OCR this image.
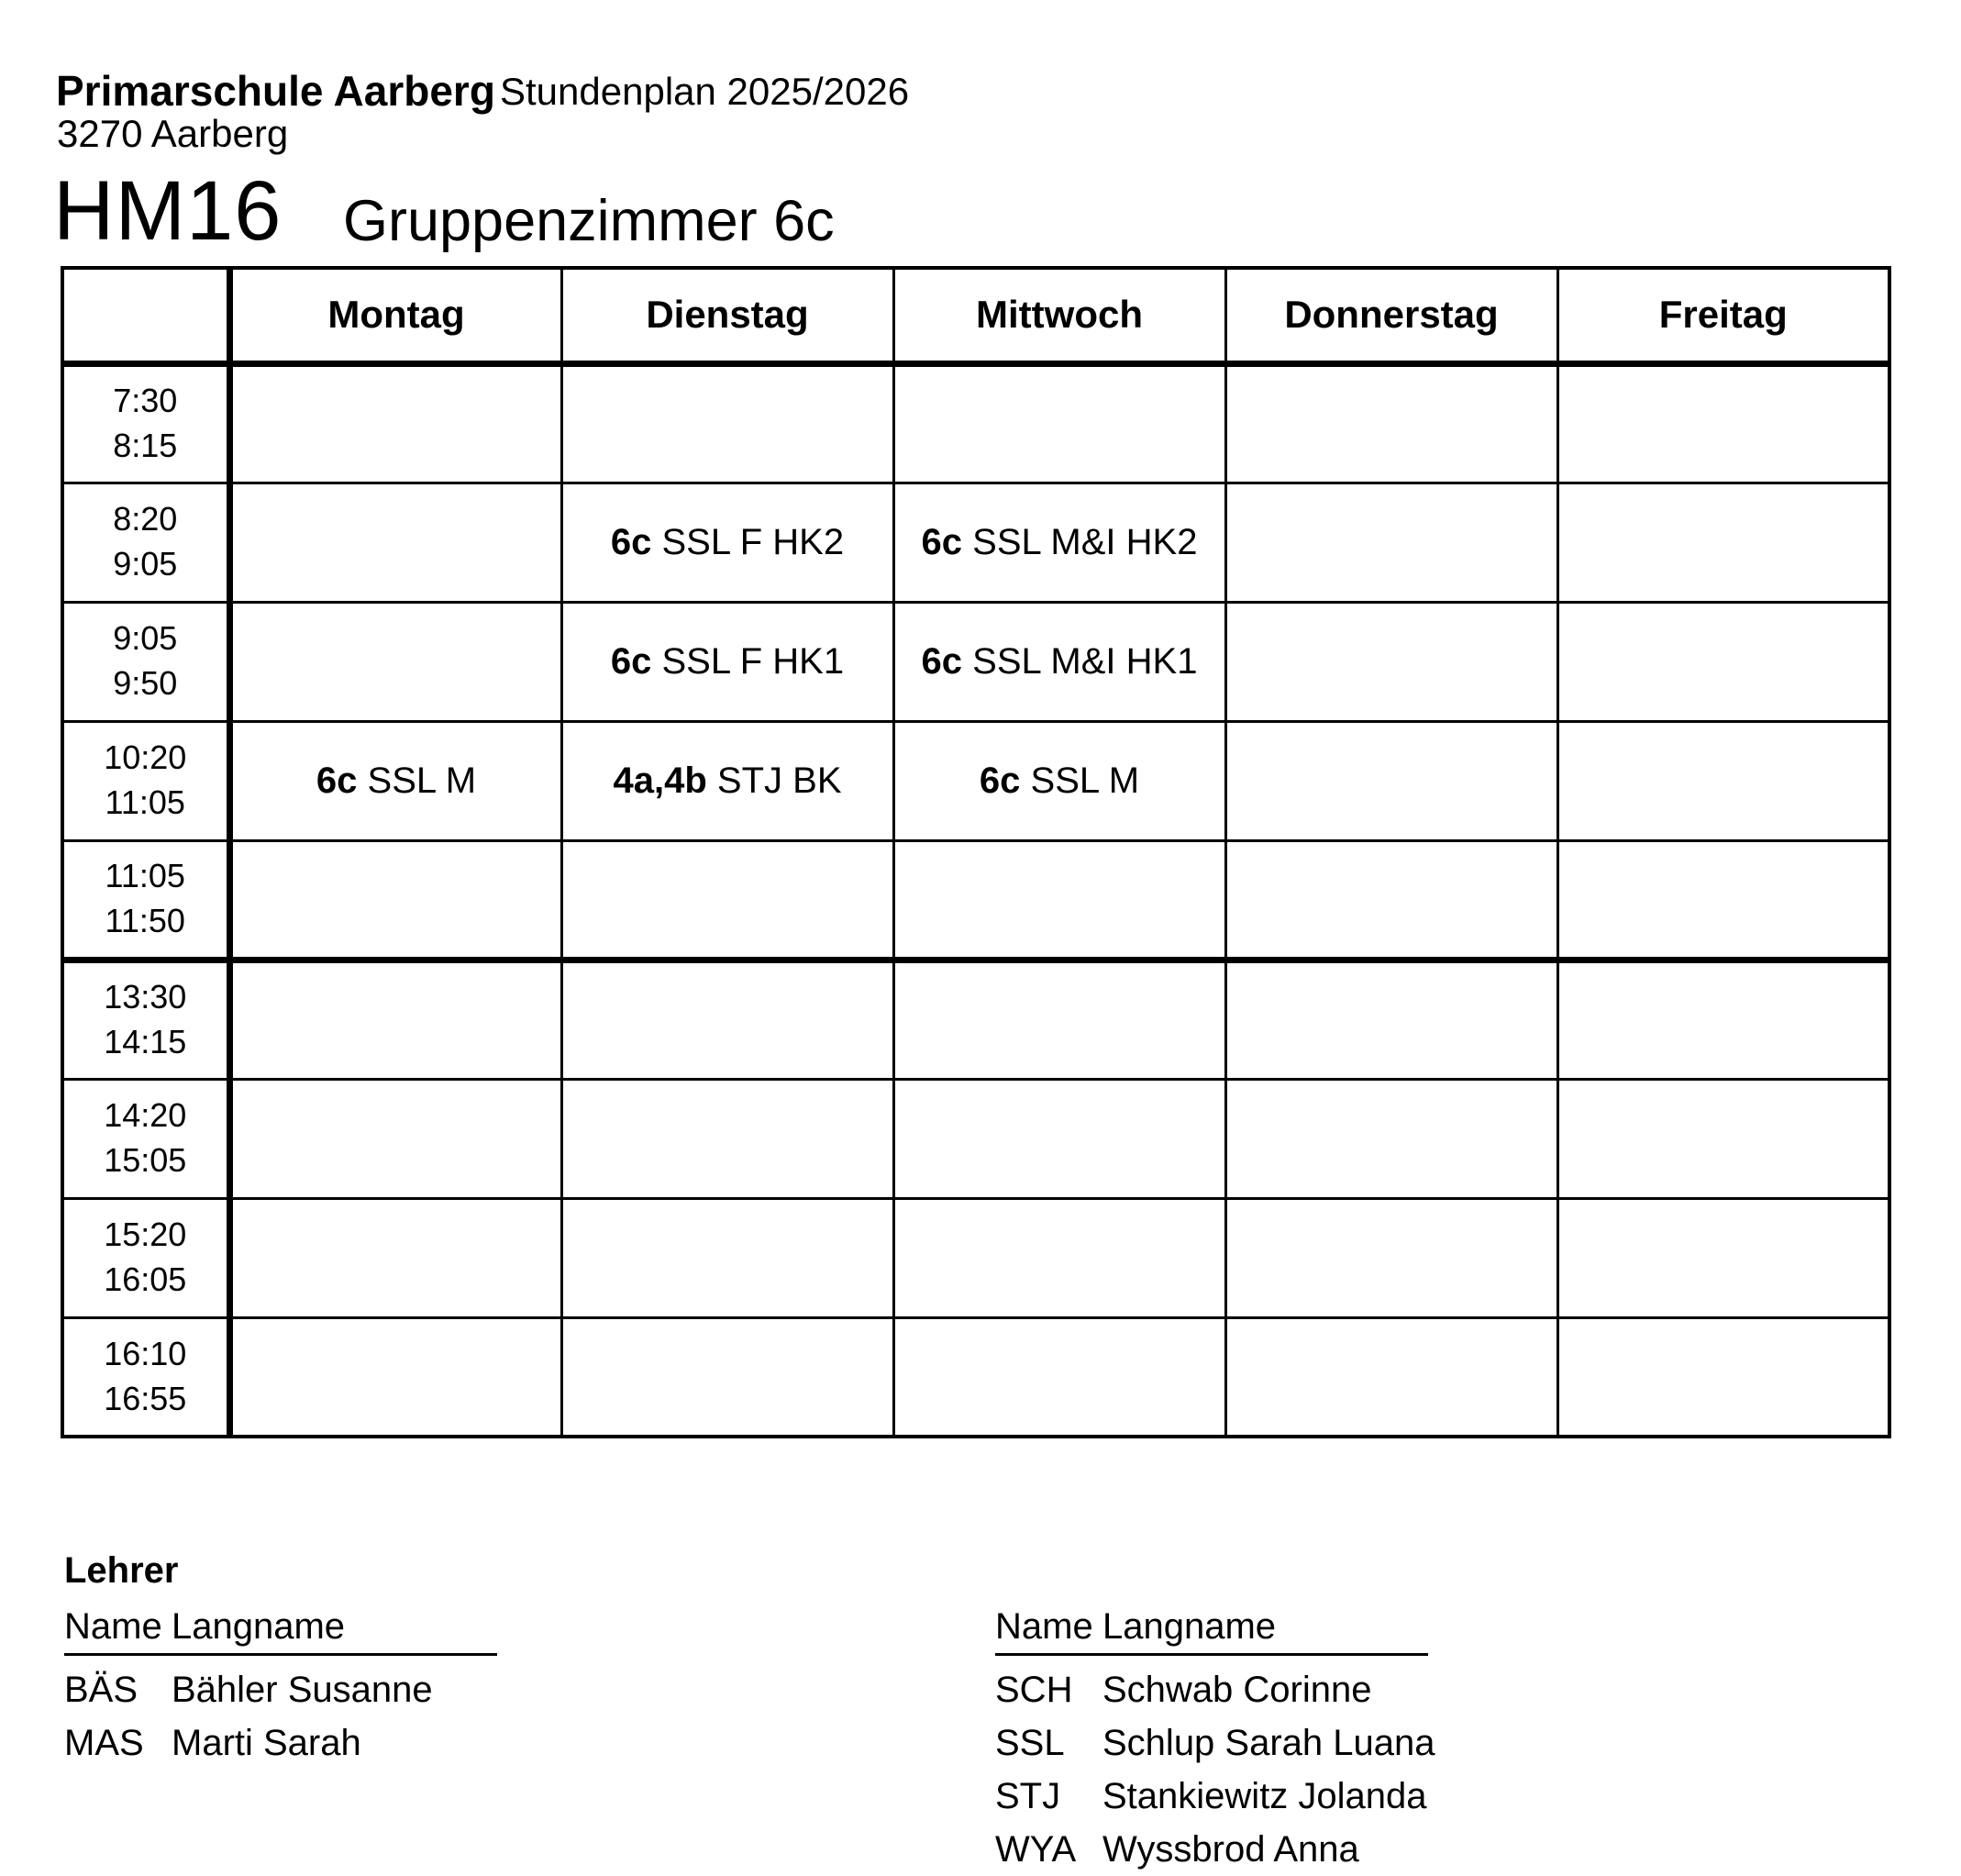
Primarschule Aarberg Stundenplan 2025/2026
3270 Aarberg
HM16 Gruppenzimmer 6c
	Montag	Dienstag	Mittwoch	Donnerstag	Freitag

7:30
8:15					

8:20
9:05		6c SSL F HK2	6c SSL M&I HK2		

9:05
9:50		6c SSL F HK1	6c SSL M&I HK1		

10:20
11:05	6c SSL M	4a,4b STJ BK	6c SSL M		

11:05
11:50					

13:30
14:15					

14:20
15:05					

15:20
16:05					

16:10
16:55					

Lehrer
Name Langname
BÄS Bähler Susanne
MAS Marti Sarah
Name Langname
SCH Schwab Corinne
SSL Schlup Sarah Luana
STJ Stankiewitz Jolanda
WYA Wyssbrod Anna
